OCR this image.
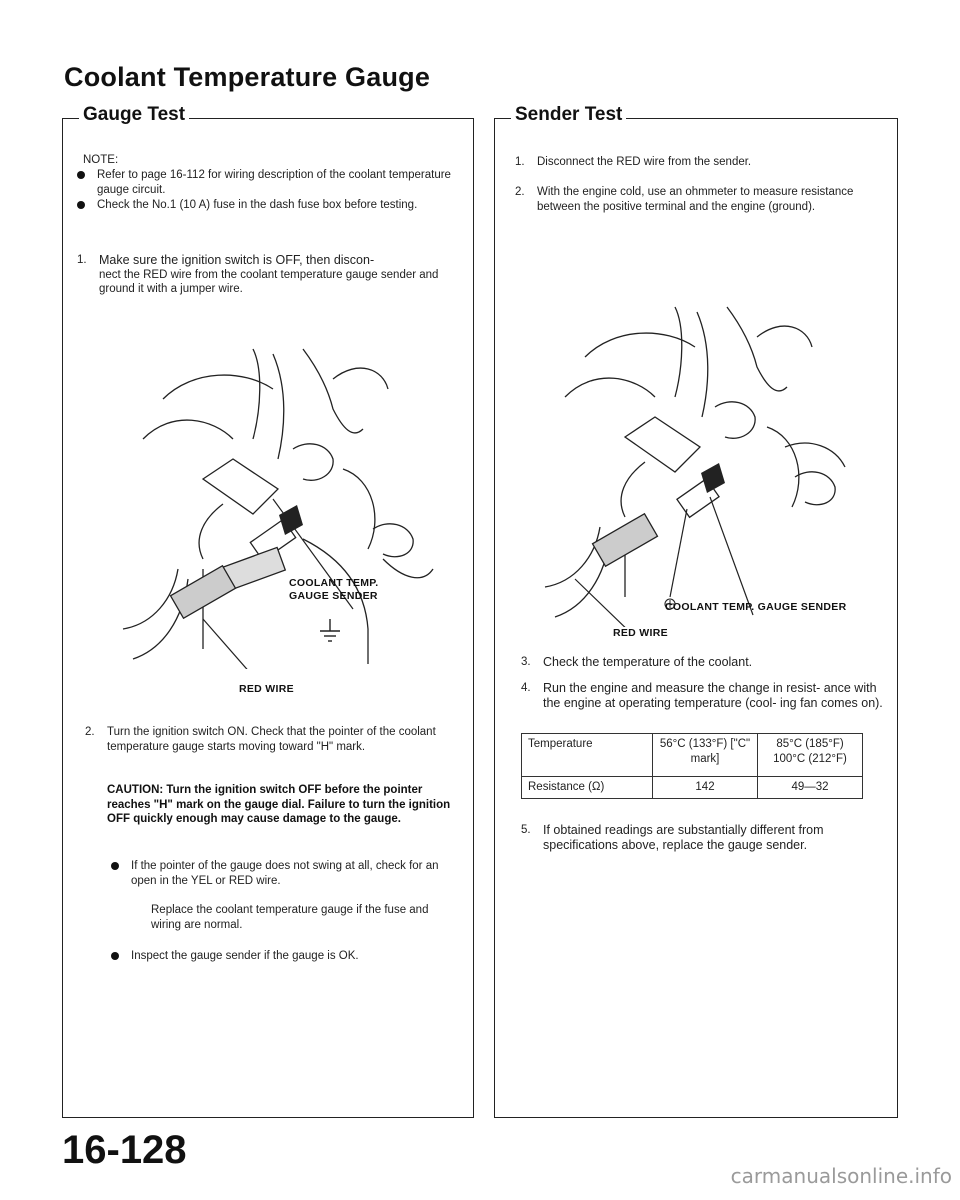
Coolant Temperature Gauge
Gauge Test
NOTE:
Refer to page 16-112 for wiring description of the coolant temperature gauge circuit.
Check the No.1 (10 A) fuse in the dash fuse box before testing.
1. Make sure the ignition switch is OFF, then discon-
nect the RED wire from the coolant temperature gauge sender and ground it with a jumper wire.
COOLANT TEMP.
GAUGE SENDER
RED WIRE
2.	Turn the ignition switch ON. Check that the pointer of the coolant temperature gauge starts moving toward "H" mark.
CAUTION: Turn the ignition switch OFF before the pointer reaches "H" mark on the gauge dial. Failure to turn the ignition OFF quickly enough may cause damage to the gauge.
If the pointer of the gauge does not swing at all, check for an open in the YEL or RED wire.
Replace the coolant temperature gauge if the fuse and wiring are normal.
Inspect the gauge sender if the gauge is OK.
Sender Test
1.	Disconnect the RED wire from the sender.
2.	With the engine cold, use an ohmmeter to measure resistance between the positive terminal and the engine (ground).
COOLANT TEMP. GAUGE SENDER
RED WIRE
3. Check the temperature of the coolant.
4. Run the engine and measure the change in resist- ance with the engine at operating temperature (cool- ing fan comes on).
Temperature	56°C (133°F) ["C" mark]	85°C (185°F) 100°C (212°F)
Resistance (Ω)	142	49—32
5. If obtained readings are substantially different from specifications above, replace the gauge sender.
16-128
carmanualsonline.info
